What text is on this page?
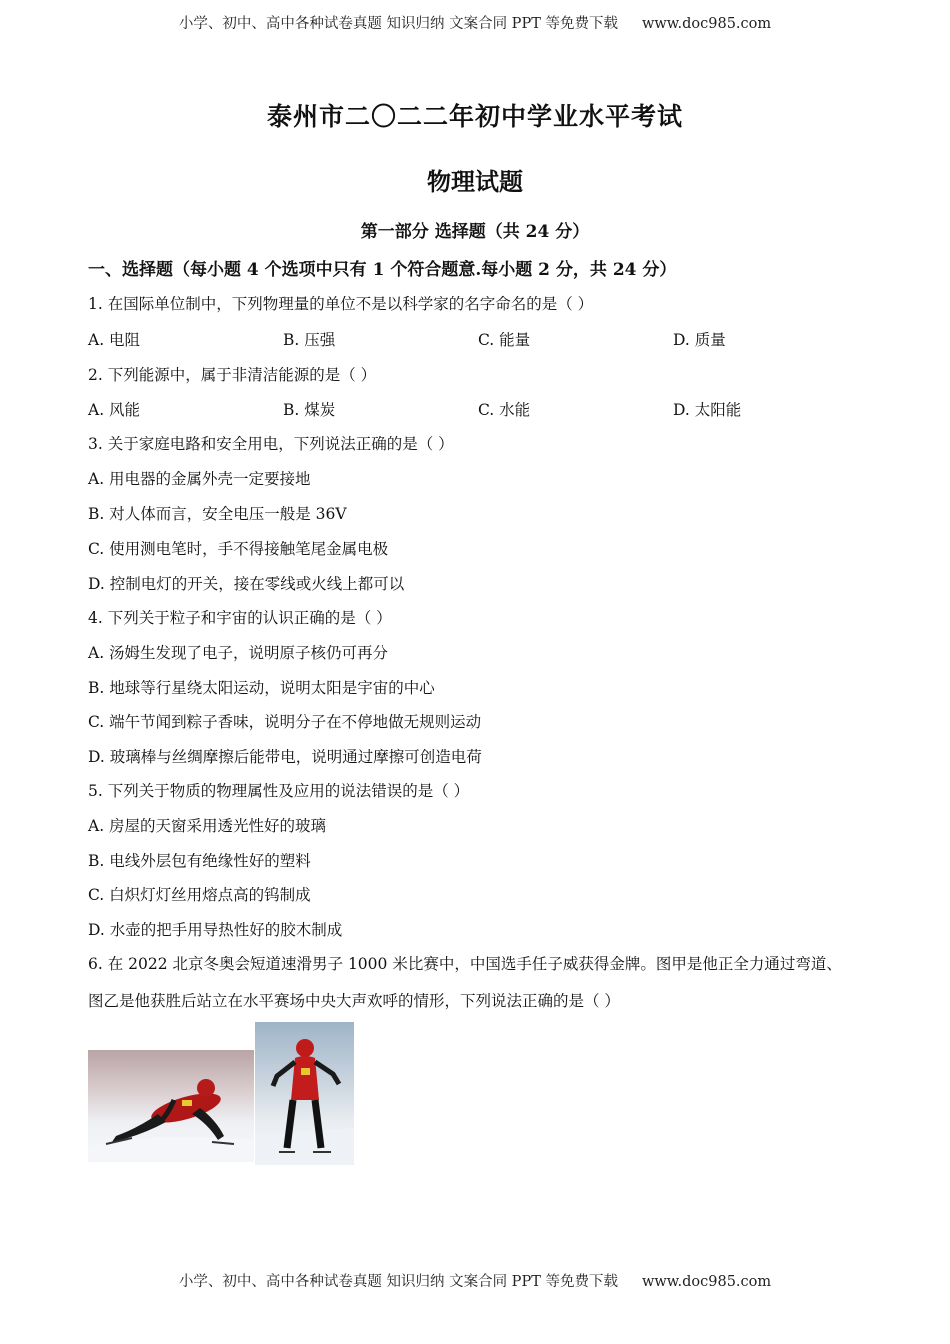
小学、初中、高中各种试卷真题 知识归纳 文案合同 PPT 等免费下载 www.doc985.com
泰州市二〇二二年初中学业水平考试
物理试题
第一部分 选择题（共 24 分）
一、选择题（每小题 4 个选项中只有 1 个符合题意.每小题 2 分，共 24 分）
1. 在国际单位制中，下列物理量的单位不是以科学家的名字命名的是（ ）
A. 电阻	B. 压强	C. 能量	D. 质量
2. 下列能源中，属于非清洁能源的是（ ）
A. 风能	B. 煤炭	C. 水能	D. 太阳能
3. 关于家庭电路和安全用电，下列说法正确的是（ ）
A. 用电器的金属外壳一定要接地
B. 对人体而言，安全电压一般是 36V
C. 使用测电笔时，手不得接触笔尾金属电极
D. 控制电灯的开关，接在零线或火线上都可以
4. 下列关于粒子和宇宙的认识正确的是（ ）
A. 汤姆生发现了电子，说明原子核仍可再分
B. 地球等行星绕太阳运动，说明太阳是宇宙的中心
C. 端午节闻到粽子香味，说明分子在不停地做无规则运动
D. 玻璃棒与丝绸摩擦后能带电，说明通过摩擦可创造电荷
5. 下列关于物质的物理属性及应用的说法错误的是（ ）
A. 房屋的天窗采用透光性好的玻璃
B. 电线外层包有绝缘性好的塑料
C. 白炽灯灯丝用熔点高的钨制成
D. 水壶的把手用导热性好的胶木制成
6. 在 2022 北京冬奥会短道速滑男子 1000 米比赛中，中国选手任子威获得金牌。图甲是他正全力通过弯道、
图乙是他获胜后站立在水平赛场中央大声欢呼的情形，下列说法正确的是（ ）
小学、初中、高中各种试卷真题 知识归纳 文案合同 PPT 等免费下载 www.doc985.com
